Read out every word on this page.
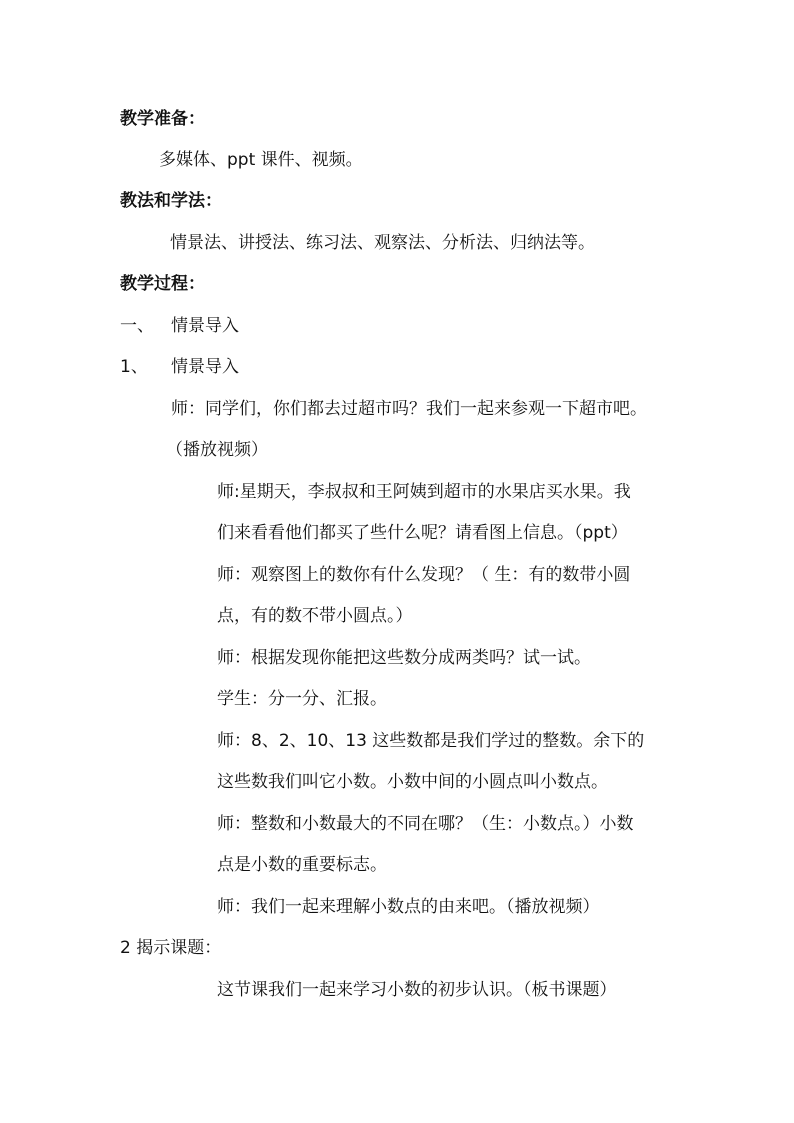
教学准备：
多媒体、ppt 课件、视频。
教法和学法：
情景法、讲授法、练习法、观察法、分析法、归纳法等。
教学过程：
一、 情景导入
1、 情景导入
师：同学们，你们都去过超市吗？我们一起来参观一下超市吧。
（播放视频）
师:星期天，李叔叔和王阿姨到超市的水果店买水果。我
们来看看他们都买了些什么呢？请看图上信息。（ppt）
师：观察图上的数你有什么发现？（ 生：有的数带小圆
点，有的数不带小圆点。）
师：根据发现你能把这些数分成两类吗？试一试。
学生：分一分、汇报。
师：8、2、10、13 这些数都是我们学过的整数。余下的
这些数我们叫它小数。小数中间的小圆点叫小数点。
师：整数和小数最大的不同在哪？（生：小数点。）小数
点是小数的重要标志。
师：我们一起来理解小数点的由来吧。（播放视频）
2 揭示课题：
这节课我们一起来学习小数的初步认识。（板书课题）
